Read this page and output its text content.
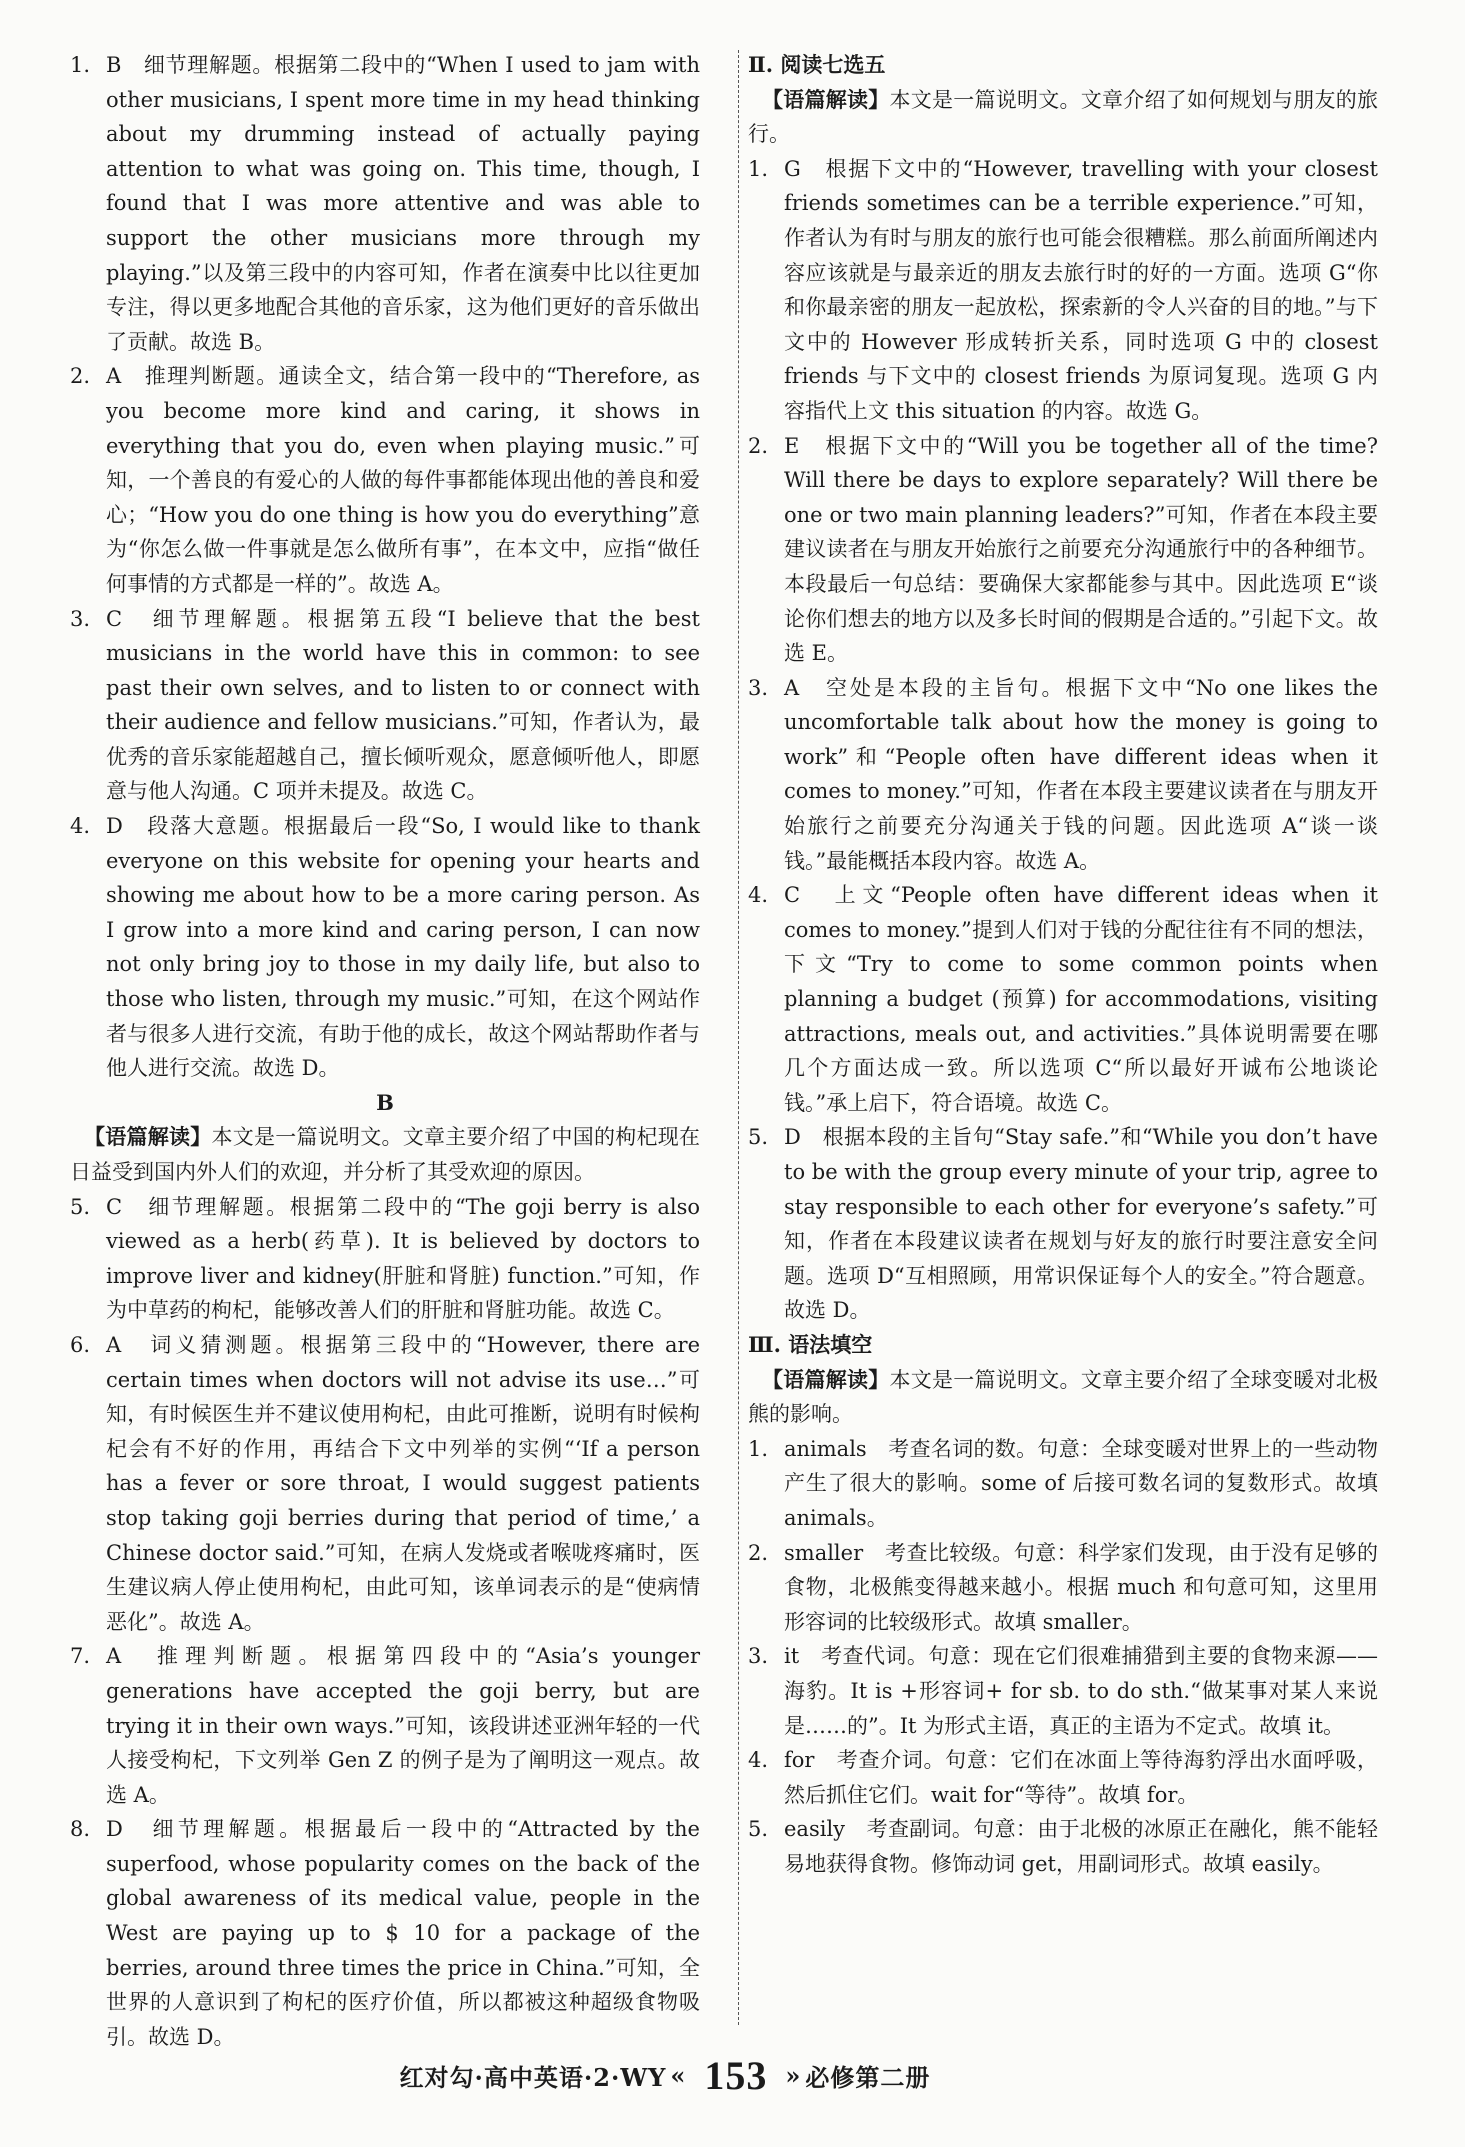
1. B　细节理解题。根据第二段中的“When I used to jam with other musicians, I spent more time in my head thinking about my drumming instead of actually paying attention to what was going on. This time, though, I found that I was more attentive and was able to support the other musicians more through my playing.”以及第三段中的内容可知，作者在演奏中比以往更加专注，得以更多地配合其他的音乐家，这为他们更好的音乐做出了贡献。故选 B。

2. A　推理判断题。通读全文，结合第一段中的“Therefore, as you become more kind and caring, it shows in everything that you do, even when playing music.”可知，一个善良的有爱心的人做的每件事都能体现出他的善良和爱心；“How you do one thing is how you do everything”意为“你怎么做一件事就是怎么做所有事”，在本文中，应指“做任何事情的方式都是一样的”。故选 A。

3. C　细节理解题。根据第五段“I believe that the best musicians in the world have this in common: to see past their own selves, and to listen to or connect with their audience and fellow musicians.”可知，作者认为，最优秀的音乐家能超越自己，擅长倾听观众，愿意倾听他人，即愿意与他人沟通。C 项并未提及。故选 C。

4. D　段落大意题。根据最后一段“So, I would like to thank everyone on this website for opening your hearts and showing me about how to be a more caring person. As I grow into a more kind and caring person, I can now not only bring joy to those in my daily life, but also to those who listen, through my music.”可知，在这个网站作者与很多人进行交流，有助于他的成长，故这个网站帮助作者与他人进行交流。故选 D。

B

【语篇解读】本文是一篇说明文。文章主要介绍了中国的枸杞现在日益受到国内外人们的欢迎，并分析了其受欢迎的原因。

5. C　细节理解题。根据第二段中的“The goji berry is also viewed as a herb(药草). It is believed by doctors to improve liver and kidney(肝脏和肾脏) function.”可知，作为中草药的枸杞，能够改善人们的肝脏和肾脏功能。故选 C。

6. A　词义猜测题。根据第三段中的“However, there are certain times when doctors will not advise its use…”可知，有时候医生并不建议使用枸杞，由此可推断，说明有时候枸杞会有不好的作用，再结合下文中列举的实例“‘If a person has a fever or sore throat, I would suggest patients stop taking goji berries during that period of time,’ a Chinese doctor said.”可知，在病人发烧或者喉咙疼痛时，医生建议病人停止使用枸杞，由此可知，该单词表示的是“使病情恶化”。故选 A。

7. A　推理判断题。根据第四段中的“Asia’s younger generations have accepted the goji berry, but are trying it in their own ways.”可知，该段讲述亚洲年轻的一代人接受枸杞，下文列举 Gen Z 的例子是为了阐明这一观点。故选 A。

8. D　细节理解题。根据最后一段中的“Attracted by the superfood, whose popularity comes on the back of the global awareness of its medical value, people in the West are paying up to $ 10 for a package of the berries, around three times the price in China.”可知，全世界的人意识到了枸杞的医疗价值，所以都被这种超级食物吸引。故选 D。

Ⅱ. 阅读七选五

【语篇解读】本文是一篇说明文。文章介绍了如何规划与朋友的旅行。

1. G　根据下文中的“However, travelling with your closest friends sometimes can be a terrible experience.”可知，作者认为有时与朋友的旅行也可能会很糟糕。那么前面所阐述内容应该就是与最亲近的朋友去旅行时的好的一方面。选项 G“你和你最亲密的朋友一起放松，探索新的令人兴奋的目的地。”与下文中的 However 形成转折关系，同时选项 G 中的 closest friends 与下文中的 closest friends 为原词复现。选项 G 内容指代上文 this situation 的内容。故选 G。

2. E　根据下文中的“Will you be together all of the time? Will there be days to explore separately? Will there be one or two main planning leaders?”可知，作者在本段主要建议读者在与朋友开始旅行之前要充分沟通旅行中的各种细节。本段最后一句总结：要确保大家都能参与其中。因此选项 E“谈论你们想去的地方以及多长时间的假期是合适的。”引起下文。故选 E。

3. A　空处是本段的主旨句。根据下文中“No one likes the uncomfortable talk about how the money is going to work”和“People often have different ideas when it comes to money.”可知，作者在本段主要建议读者在与朋友开始旅行之前要充分沟通关于钱的问题。因此选项 A“谈一谈钱。”最能概括本段内容。故选 A。

4. C　上文“People often have different ideas when it comes to money.”提到人们对于钱的分配往往有不同的想法，下文“Try to come to some common points when planning a budget (预算) for accommodations, visiting attractions, meals out, and activities.”具体说明需要在哪几个方面达成一致。所以选项 C“所以最好开诚布公地谈论钱。”承上启下，符合语境。故选 C。

5. D　根据本段的主旨句“Stay safe.”和“While you don’t have to be with the group every minute of your trip, agree to stay responsible to each other for everyone’s safety.”可知，作者在本段建议读者在规划与好友的旅行时要注意安全问题。选项 D“互相照顾，用常识保证每个人的安全。”符合题意。故选 D。

Ⅲ. 语法填空

【语篇解读】本文是一篇说明文。文章主要介绍了全球变暖对北极熊的影响。

1. animals　考查名词的数。句意：全球变暖对世界上的一些动物产生了很大的影响。some of 后接可数名词的复数形式。故填 animals。

2. smaller　考查比较级。句意：科学家们发现，由于没有足够的食物，北极熊变得越来越小。根据 much 和句意可知，这里用形容词的比较级形式。故填 smaller。

3. it　考查代词。句意：现在它们很难捕猎到主要的食物来源——海豹。It is +形容词+ for sb. to do sth.“做某事对某人来说是……的”。It 为形式主语，真正的主语为不定式。故填 it。

4. for　考查介词。句意：它们在冰面上等待海豹浮出水面呼吸，然后抓住它们。wait for“等待”。故填 for。

5. easily　考查副词。句意：由于北极的冰原正在融化，熊不能轻易地获得食物。修饰动词 get，用副词形式。故填 easily。

红对勾·高中英语·2·WY « 153 » 必修第二册
